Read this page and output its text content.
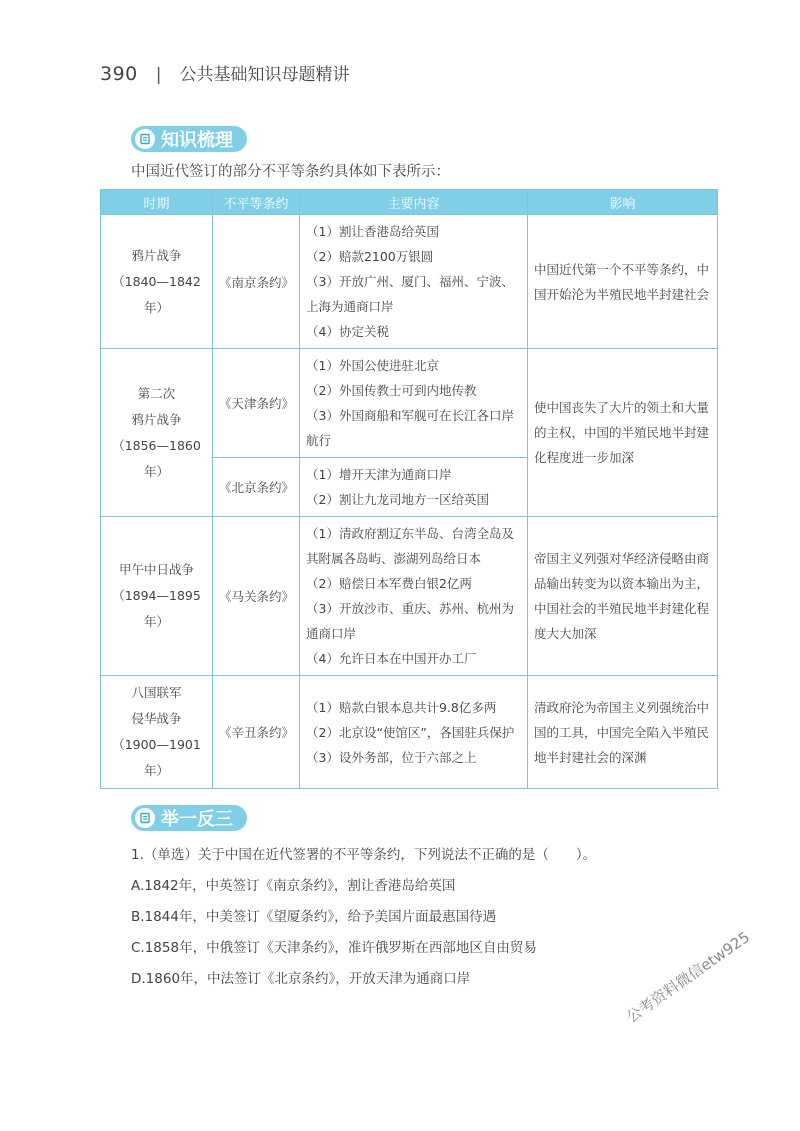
390 | 公共基础知识母题精讲
知识梳理
中国近代签订的部分不平等条约具体如下表所示：
时期	不平等条约	主要内容	影响

鸦片战争
（1840—1842年）	《南京条约》	（1）割让香港岛给英国
（2）赔款2100万银圆
（3）开放广州、厦门、福州、宁波、上海为通商口岸
（4）协定关税	中国近代第一个不平等条约，中国开始沦为半殖民地半封建社会

第二次
鸦片战争
（1856—1860年）	《天津条约》	（1）外国公使进驻北京
（2）外国传教士可到内地传教
（3）外国商船和军舰可在长江各口岸航行	使中国丧失了大片的领土和大量的主权，中国的半殖民地半封建化程度进一步加深
	《北京条约》	（1）增开天津为通商口岸
（2）割让九龙司地方一区给英国	

甲午中日战争
（1894—1895年）	《马关条约》	（1）清政府割辽东半岛、台湾全岛及其附属各岛屿、澎湖列岛给日本
（2）赔偿日本军费白银2亿两
（3）开放沙市、重庆、苏州、杭州为通商口岸
（4）允许日本在中国开办工厂	帝国主义列强对华经济侵略由商品输出转变为以资本输出为主，中国社会的半殖民地半封建化程度大大加深

八国联军
侵华战争
（1900—1901年）	《辛丑条约》	（1）赔款白银本息共计9.8亿多两
（2）北京设“使馆区”，各国驻兵保护
（3）设外务部，位于六部之上	清政府沦为帝国主义列强统治中国的工具，中国完全陷入半殖民地半封建社会的深渊
举一反三
1.（单选）关于中国在近代签署的不平等条约，下列说法不正确的是（　　）。
A.1842年，中英签订《南京条约》，割让香港岛给英国
B.1844年，中美签订《望厦条约》，给予美国片面最惠国待遇
C.1858年，中俄签订《天津条约》，准许俄罗斯在西部地区自由贸易
D.1860年，中法签订《北京条约》，开放天津为通商口岸	公考资料微信etw925
